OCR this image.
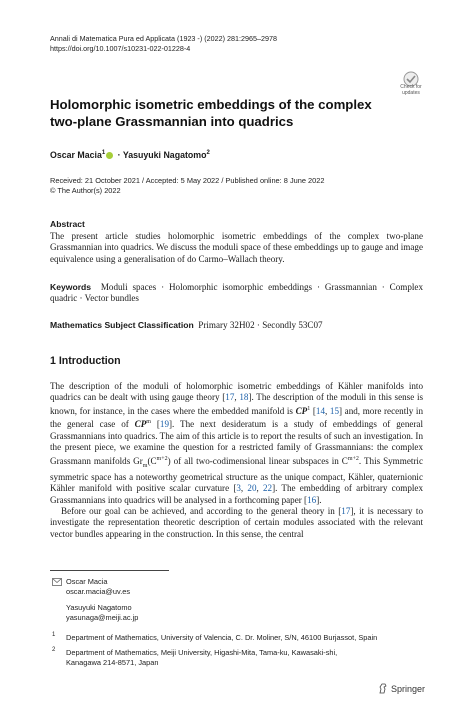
Annali di Matematica Pura ed Applicata (1923 -) (2022) 281:2965–2978
https://doi.org/10.1007/s10231-022-01228-4
Check for
updates
Holomorphic isometric embeddings of the complex two-plane Grassmannian into quadrics
Oscar Macia$^1$ · Yasuyuki Nagatomo$^2$
Received: 21 October 2021 / Accepted: 5 May 2022 / Published online: 8 June 2022
© The Author(s) 2022
Abstract
The present article studies holomorphic isometric embeddings of the complex two-plane Grassmannian into quadrics. We discuss the moduli space of these embeddings up to gauge and image equivalence using a generalisation of do Carmo–Wallach theory.
Keywords Moduli spaces · Holomorphic isomorphic embeddings · Grassmannian · Complex quadric · Vector bundles
Mathematics Subject Classification Primary 32H02 · Secondly 53C07
1 Introduction

The description of the moduli of holomorphic isometric embeddings of Kähler manifolds into quadrics can be dealt with using gauge theory [17, 18]. The description of the moduli in this sense is known, for instance, in the cases where the embedded manifold is $CP^1$ [14, 15] and, more recently in the general case of $CP^m$ [19]. The next desideratum is a study of embeddings of general Grassmannians into quadrics. The aim of this article is to report the results of such an investigation. In the present piece, we examine the question for a restricted family of Grassmannians: the complex Grassmann manifolds $Gr_m(C^{m+2})$ of all two-codimensional linear subspaces in $C^{m+2}$. This Symmetric symmetric space has a noteworthy geometrical structure as the unique compact, Kähler, quaternionic Kähler manifold with positive scalar curvature [3, 20, 22]. The embedding of arbitrary complex Grassmannians into quadrics will be analysed in a forthcoming paper [16].

Before our goal can be achieved, and according to the general theory in [17], it is necessary to investigate the representation theoretic description of certain modules associated with the relevant vector bundles appearing in the construction. In this sense, the central

Oscar Macia
oscar.macia@uv.es
Yasuyuki Nagatomo
yasunaga@meiji.ac.jp
1 Department of Mathematics, University of Valencia, C. Dr. Moliner, S/N, 46100 Burjassot, Spain
2 Department of Mathematics, Meiji University, Higashi-Mita, Tama-ku, Kawasaki-shi,
Kanagawa 214-8571, Japan
Springer
